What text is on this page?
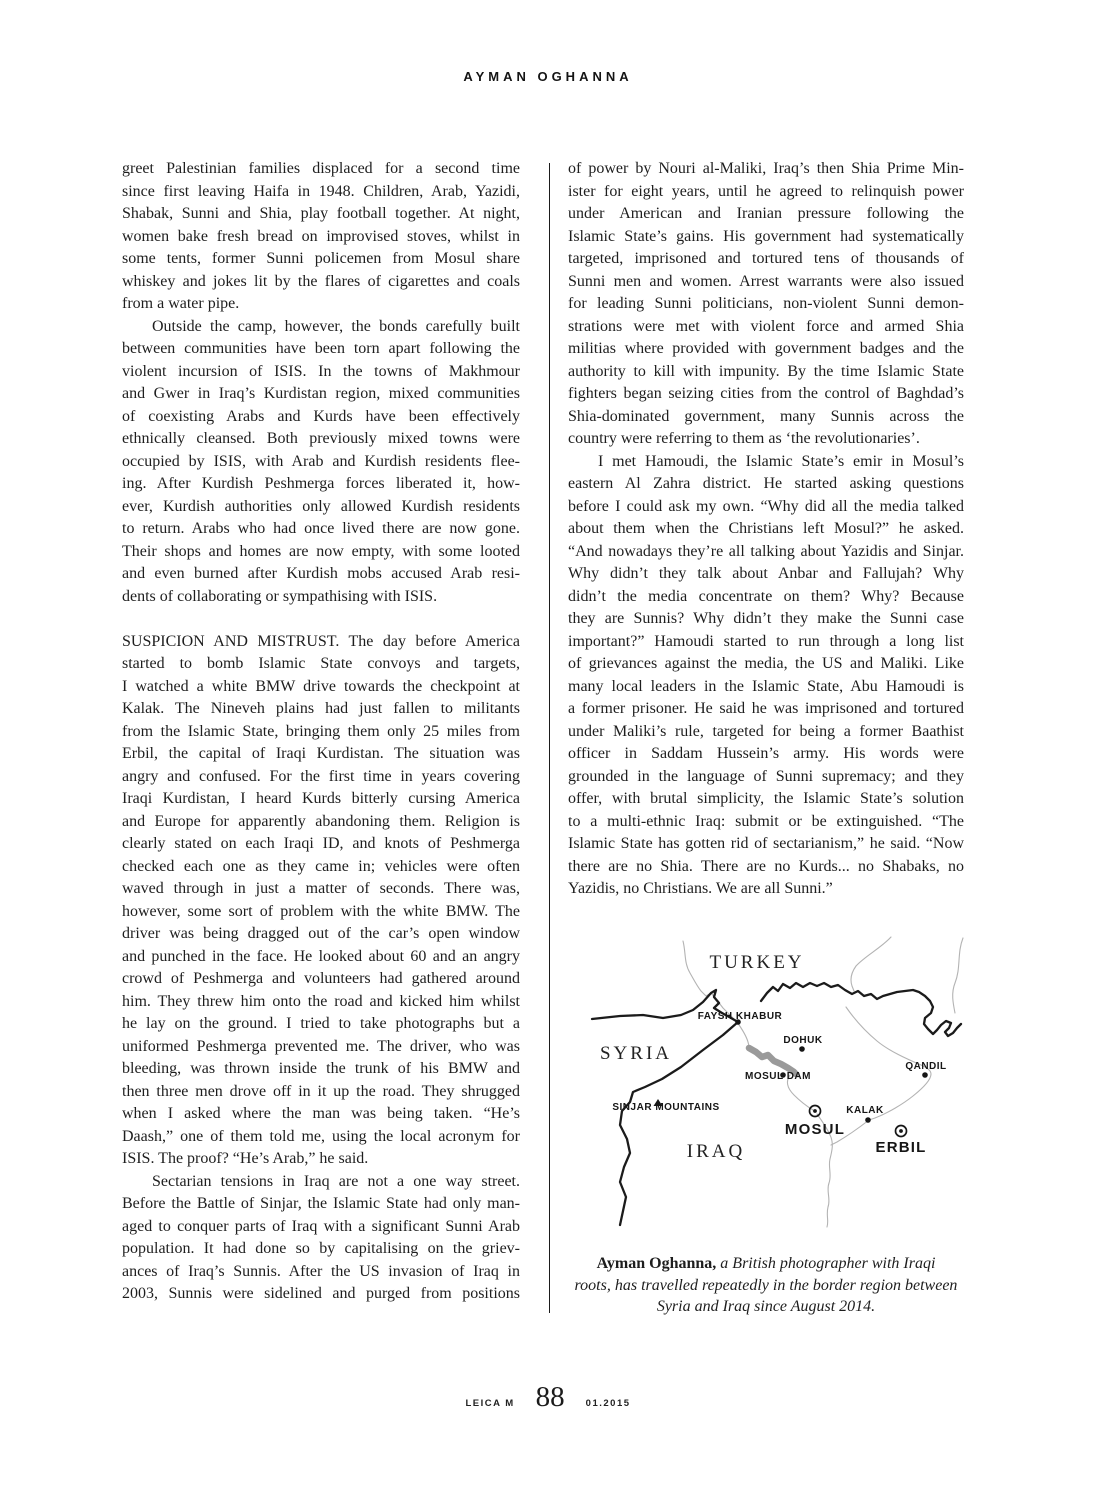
AYMAN OGHANNA
greet Palestinian families displaced for a second time
since first leaving Haifa in 1948. Children, Arab, Yazidi,
Shabak, Sunni and Shia, play football together. At night,
women bake fresh bread on improvised stoves, whilst in
some tents, former Sunni policemen from Mosul share
whiskey and jokes lit by the flares of cigarettes and coals
from a water pipe.
Outside the camp, however, the bonds carefully built
between communities have been torn apart following the
violent incursion of ISIS. In the towns of Makhmour
and Gwer in Iraq’s Kurdistan region, mixed communities
of coexisting Arabs and Kurds have been effectively
ethnically cleansed. Both previously mixed towns were
occupied by ISIS, with Arab and Kurdish residents flee-
ing. After Kurdish Peshmerga forces liberated it, how-
ever, Kurdish authorities only allowed Kurdish residents
to return. Arabs who had once lived there are now gone.
Their shops and homes are now empty, with some looted
and even burned after Kurdish mobs accused Arab resi-
dents of collaborating or sympathising with ISIS.
SUSPICION AND MISTRUST. The day before America
started to bomb Islamic State convoys and targets,
I watched a white BMW drive towards the checkpoint at
Kalak. The Nineveh plains had just fallen to militants
from the Islamic State, bringing them only 25 miles from
Erbil, the capital of Iraqi Kurdistan. The situation was
angry and confused. For the first time in years covering
Iraqi Kurdistan, I heard Kurds bitterly cursing America
and Europe for apparently abandoning them. Religion is
clearly stated on each Iraqi ID, and knots of Peshmerga
checked each one as they came in; vehicles were often
waved through in just a matter of seconds. There was,
however, some sort of problem with the white BMW. The
driver was being dragged out of the car’s open window
and punched in the face. He looked about 60 and an angry
crowd of Peshmerga and volunteers had gathered around
him. They threw him onto the road and kicked him whilst
he lay on the ground. I tried to take photographs but a
uniformed Peshmerga prevented me. The driver, who was
bleeding, was thrown inside the trunk of his BMW and
then three men drove off in it up the road. They shrugged
when I asked where the man was being taken. “He’s
Daash,” one of them told me, using the local acronym for
ISIS. The proof? “He’s Arab,” he said.
Sectarian tensions in Iraq are not a one way street.
Before the Battle of Sinjar, the Islamic State had only man-
aged to conquer parts of Iraq with a significant Sunni Arab
population. It had done so by capitalising on the griev-
ances of Iraq’s Sunnis. After the US invasion of Iraq in
2003, Sunnis were sidelined and purged from positions
of power by Nouri al-Maliki, Iraq’s then Shia Prime Min-
ister for eight years, until he agreed to relinquish power
under American and Iranian pressure following the
Islamic State’s gains. His government had systematically
targeted, imprisoned and tortured tens of thousands of
Sunni men and women. Arrest warrants were also issued
for leading Sunni politicians, non-violent Sunni demon-
strations were met with violent force and armed Shia
militias where provided with government badges and the
authority to kill with impunity. By the time Islamic State
fighters began seizing cities from the control of Baghdad’s
Shia-dominated government, many Sunnis across the
country were referring to them as ‘the revolutionaries’.
I met Hamoudi, the Islamic State’s emir in Mosul’s
eastern Al Zahra district. He started asking questions
before I could ask my own. “Why did all the media talked
about them when the Christians left Mosul?” he asked.
“And nowadays they’re all talking about Yazidis and Sinjar.
Why didn’t they talk about Anbar and Fallujah? Why
didn’t the media concentrate on them? Why? Because
they are Sunnis? Why didn’t they make the Sunni case
important?” Hamoudi started to run through a long list
of grievances against the media, the US and Maliki. Like
many local leaders in the Islamic State, Abu Hamoudi is
a former prisoner. He said he was imprisoned and tortured
under Maliki’s rule, targeted for being a former Baathist
officer in Saddam Hussein’s army. His words were
grounded in the language of Sunni supremacy; and they
offer, with brutal simplicity, the Islamic State’s solution
to a multi-ethnic Iraq: submit or be extinguished. “The
Islamic State has gotten rid of sectarianism,” he said. “Now
there are no Shia. There are no Kurds... no Shabaks, no
Yazidis, no Christians. We are all Sunni.”
TURKEY
SYRIA
IRAQ
FAYSH KHABUR
DOHUK
MOSUL DAM
QANDIL
SINJAR MOUNTAINS	KALAK
MOSUL
ERBIL
Ayman Oghanna, a British photographer with Iraqi
roots, has travelled repeatedly in the border region between
Syria and Iraq since August 2014.
LEICA M 88 01.2015
